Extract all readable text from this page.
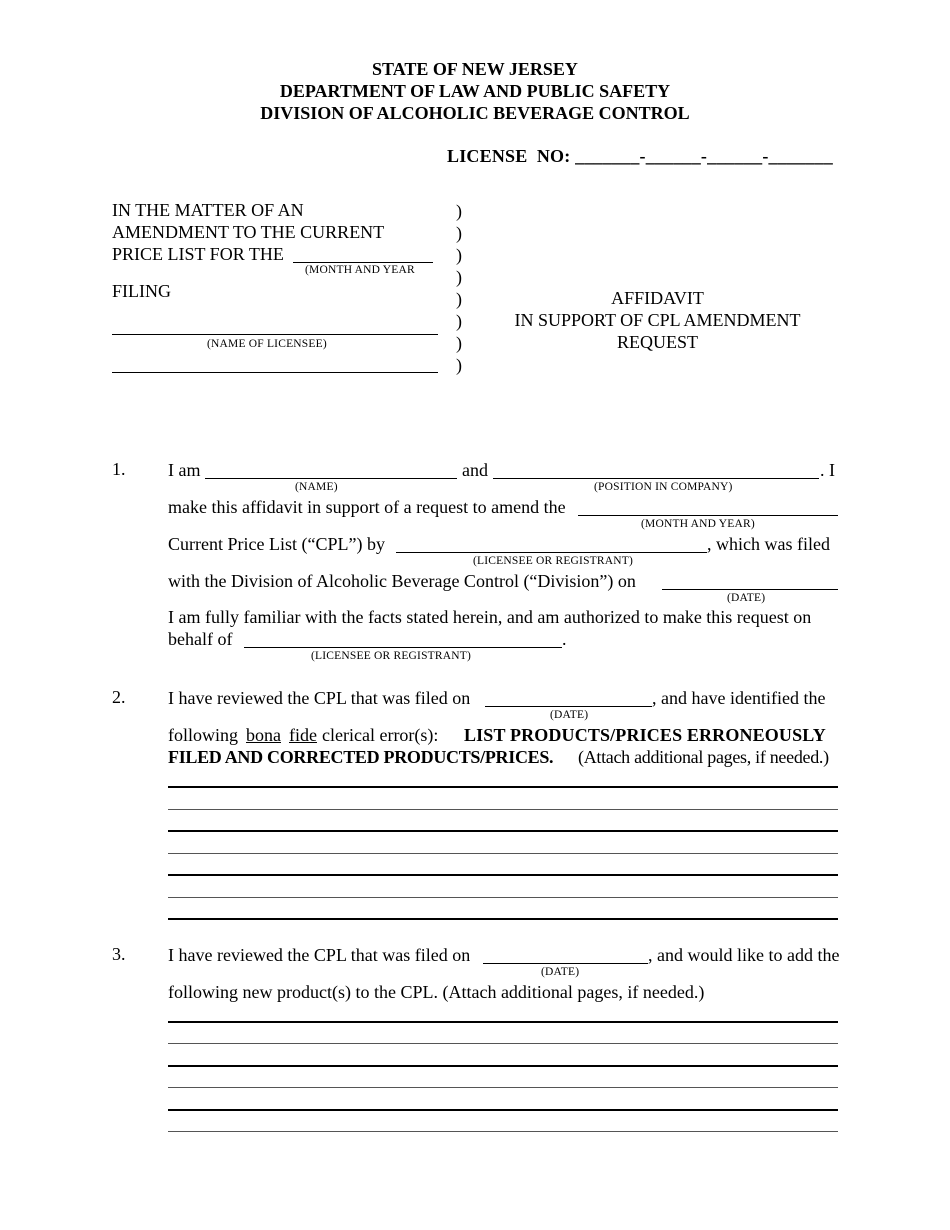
STATE OF NEW JERSEY
DEPARTMENT OF LAW AND PUBLIC SAFETY
DIVISION OF ALCOHOLIC BEVERAGE CONTROL
LICENSE  NO: _______-______-______-_______
IN THE MATTER OF AN
AMENDMENT TO THE CURRENT
PRICE LIST FOR THE
(MONTH AND YEAR
FILING
(NAME OF LICENSEE)
)
)
)
)
)
)
)
)
AFFIDAVIT
IN SUPPORT OF CPL AMENDMENT
REQUEST
1. I am
(NAME)
and
(POSITION IN COMPANY)
. I
make this affidavit in support of a request to amend the
(MONTH AND YEAR)
Current Price List (“CPL”) by
(LICENSEE OR REGISTRANT)
, which was filed
with the Division of Alcoholic Beverage Control (“Division”) on
(DATE)
I am fully familiar with the facts stated herein, and am authorized to make this request on
behalf of	.
(LICENSEE OR REGISTRANT)
2. I have reviewed the CPL that was filed on
(DATE)
, and have identified the
following bona fide clerical error(s): LIST PRODUCTS/PRICES ERRONEOUSLY
FILED AND CORRECTED PRODUCTS/PRICES. (Attach additional pages, if needed.)
3. I have reviewed the CPL that was filed on
(DATE)
, and would like to add the
following new product(s) to the CPL. (Attach additional pages, if needed.)
